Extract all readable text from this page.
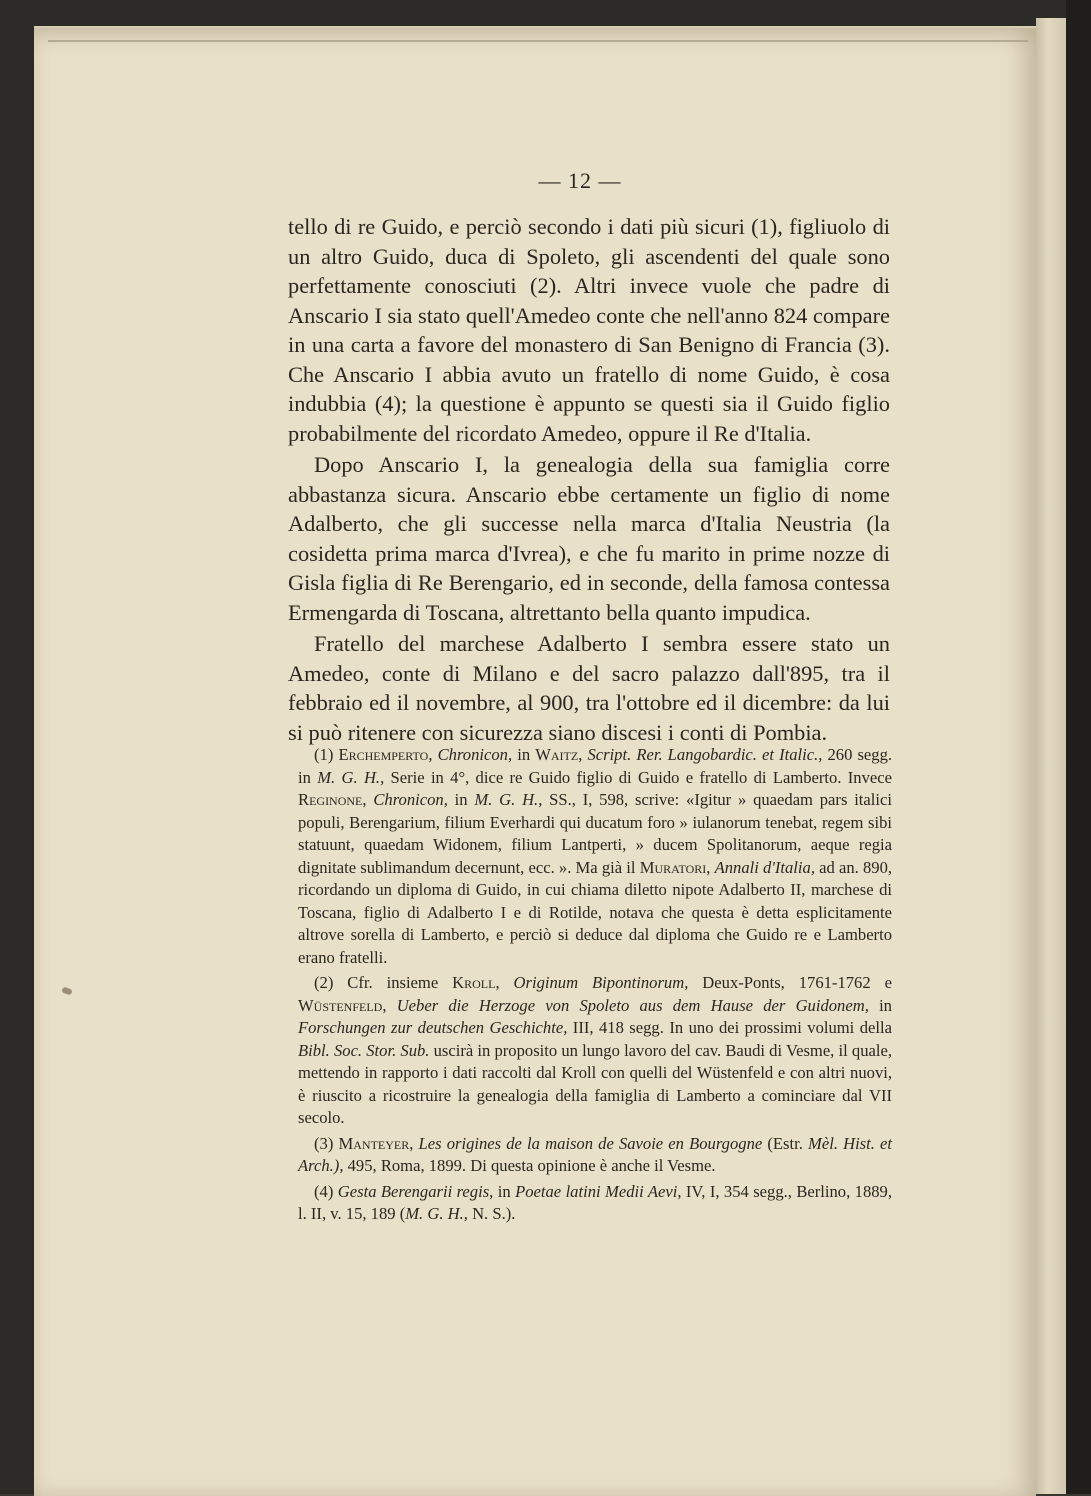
— 12 —

tello di re Guido, e perciò secondo i dati più sicuri (1), figliuolo di un altro Guido, duca di Spoleto, gli ascendenti del quale sono perfettamente conosciuti (2). Altri invece vuole che padre di Anscario I sia stato quell'Amedeo conte che nell'anno 824 compare in una carta a favore del monastero di San Benigno di Francia (3). Che Anscario I abbia avuto un fratello di nome Guido, è cosa indubbia (4); la questione è appunto se questi sia il Guido figlio probabilmente del ricordato Amedeo, oppure il Re d'Italia.

Dopo Anscario I, la genealogia della sua famiglia corre abbastanza sicura. Anscario ebbe certamente un figlio di nome Adalberto, che gli successe nella marca d'Italia Neustria (la cosidetta prima marca d'Ivrea), e che fu marito in prime nozze di Gisla figlia di Re Berengario, ed in seconde, della famosa contessa Ermengarda di Toscana, altrettanto bella quanto impudica.

Fratello del marchese Adalberto I sembra essere stato un Amedeo, conte di Milano e del sacro palazzo dall'895, tra il febbraio ed il novembre, al 900, tra l'ottobre ed il dicembre: da lui si può ritenere con sicurezza siano discesi i conti di Pombia.

(1) Erchemperto, Chronicon, in Waitz, Script. Rer. Langobardic. et Italic., 260 segg. in M. G. H., Serie in 4°, dice re Guido figlio di Guido e fratello di Lamberto. Invece Reginone, Chronicon, in M. G. H., SS., I, 598, scrive: «Igitur » quaedam pars italici populi, Berengarium, filium Everhardi qui ducatum foro » iulanorum tenebat, regem sibi statuunt, quaedam Widonem, filium Lantperti, » ducem Spolitanorum, aeque regia dignitate sublimandum decernunt, ecc. ». Ma già il Muratori, Annali d'Italia, ad an. 890, ricordando un diploma di Guido, in cui chiama diletto nipote Adalberto II, marchese di Toscana, figlio di Adalberto I e di Rotilde, notava che questa è detta esplicitamente altrove sorella di Lamberto, e perciò si deduce dal diploma che Guido re e Lamberto erano fratelli.

(2) Cfr. insieme Kroll, Originum Bipontinorum, Deux-Ponts, 1761-1762 e Wüstenfeld, Ueber die Herzoge von Spoleto aus dem Hause der Guidonem, in Forschungen zur deutschen Geschichte, III, 418 segg. In uno dei prossimi volumi della Bibl. Soc. Stor. Sub. uscirà in proposito un lungo lavoro del cav. Baudi di Vesme, il quale, mettendo in rapporto i dati raccolti dal Kroll con quelli del Wüstenfeld e con altri nuovi, è riuscito a ricostruire la genealogia della famiglia di Lamberto a cominciare dal VII secolo.

(3) Manteyer, Les origines de la maison de Savoie en Bourgogne (Estr. Mèl. Hist. et Arch.), 495, Roma, 1899. Di questa opinione è anche il Vesme.

(4) Gesta Berengarii regis, in Poetae latini Medii Aevi, IV, I, 354 segg., Berlino, 1889, l. II, v. 15, 189 (M. G. H., N. S.).
